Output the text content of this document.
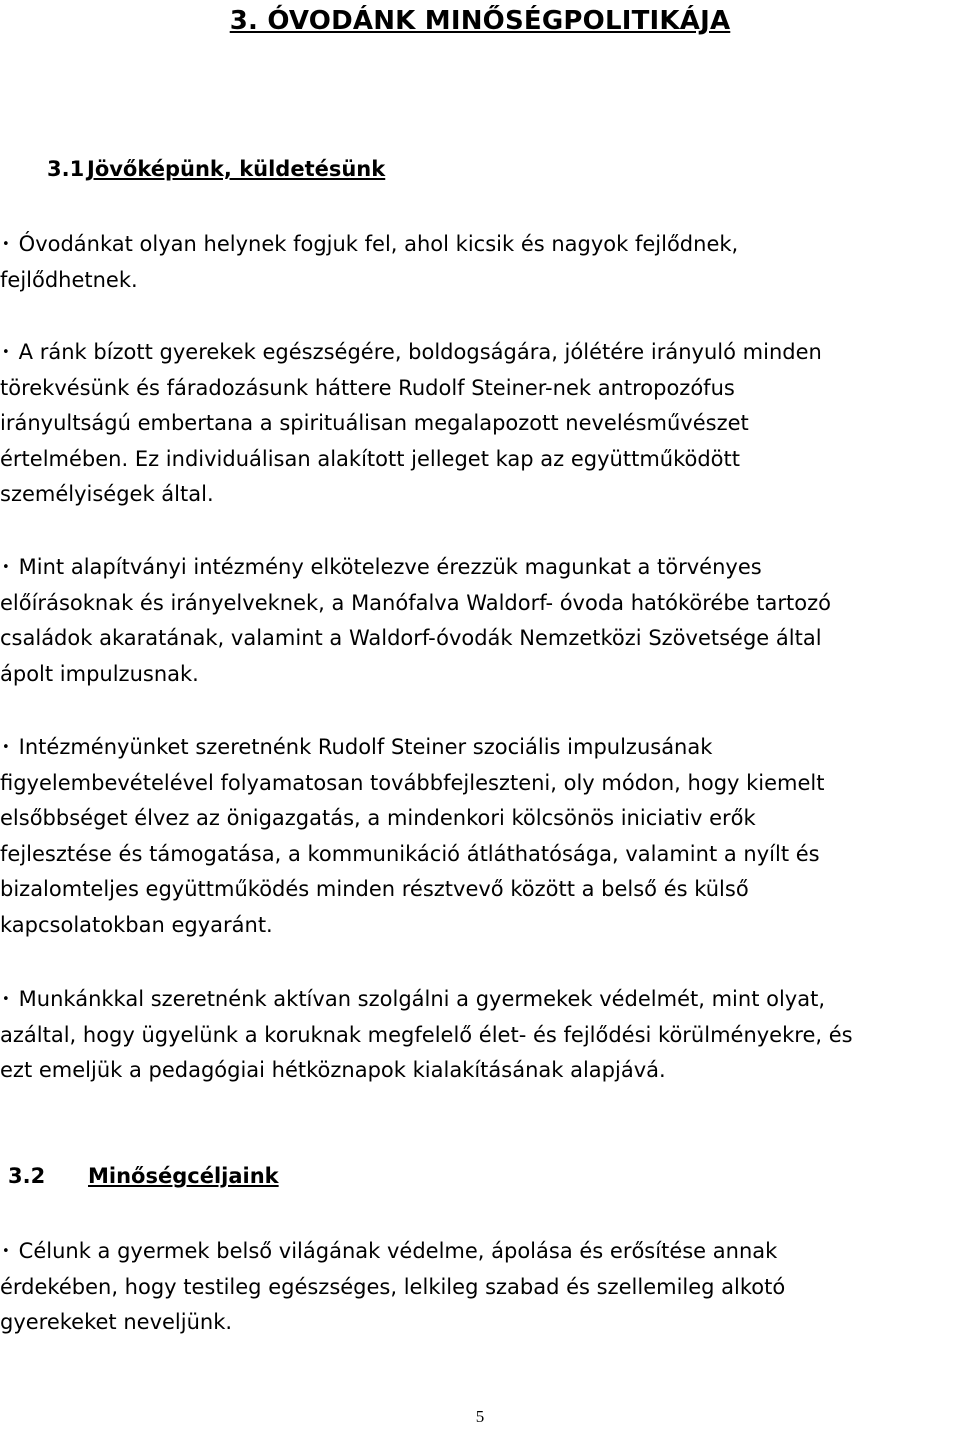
3. ÓVODÁNK MINŐSÉGPOLITIKÁJA
3.1 Jövőképünk, küldetésünk
• Óvodánkat olyan helynek fogjuk fel, ahol kicsik és nagyok fejlődnek,
fejlődhetnek.
• A ránk bízott gyerekek egészségére, boldogságára, jólétére irányuló minden
törekvésünk és fáradozásunk háttere Rudolf Steiner-nek antropozófus
irányultságú embertana a spirituálisan megalapozott nevelésművészet
értelmében. Ez individuálisan alakított jelleget kap az együttműködött
személyiségek által.
• Mint alapítványi intézmény elkötelezve érezzük magunkat a törvényes
előírásoknak és irányelveknek, a Manófalva Waldorf- óvoda hatókörébe tartozó
családok akaratának, valamint a Waldorf-óvodák Nemzetközi Szövetsége által
ápolt impulzusnak.
• Intézményünket szeretnénk Rudolf Steiner szociális impulzusának
figyelembevételével folyamatosan továbbfejleszteni, oly módon, hogy kiemelt
elsőbbséget élvez az önigazgatás, a mindenkori kölcsönös iniciativ erők
fejlesztése és támogatása, a kommunikáció átláthatósága, valamint a nyílt és
bizalomteljes együttműködés minden résztvevő között a belső és külső
kapcsolatokban egyaránt.
• Munkánkkal szeretnénk aktívan szolgálni a gyermekek védelmét, mint olyat,
azáltal, hogy ügyelünk a koruknak megfelelő élet- és fejlődési körülményekre, és
ezt emeljük a pedagógiai hétköznapok kialakításának alapjává.
3.2 Minőségcéljaink
• Célunk a gyermek belső világának védelme, ápolása és erősítése annak
érdekében, hogy testileg egészséges, lelkileg szabad és szellemileg alkotó
gyerekeket neveljünk.

5
